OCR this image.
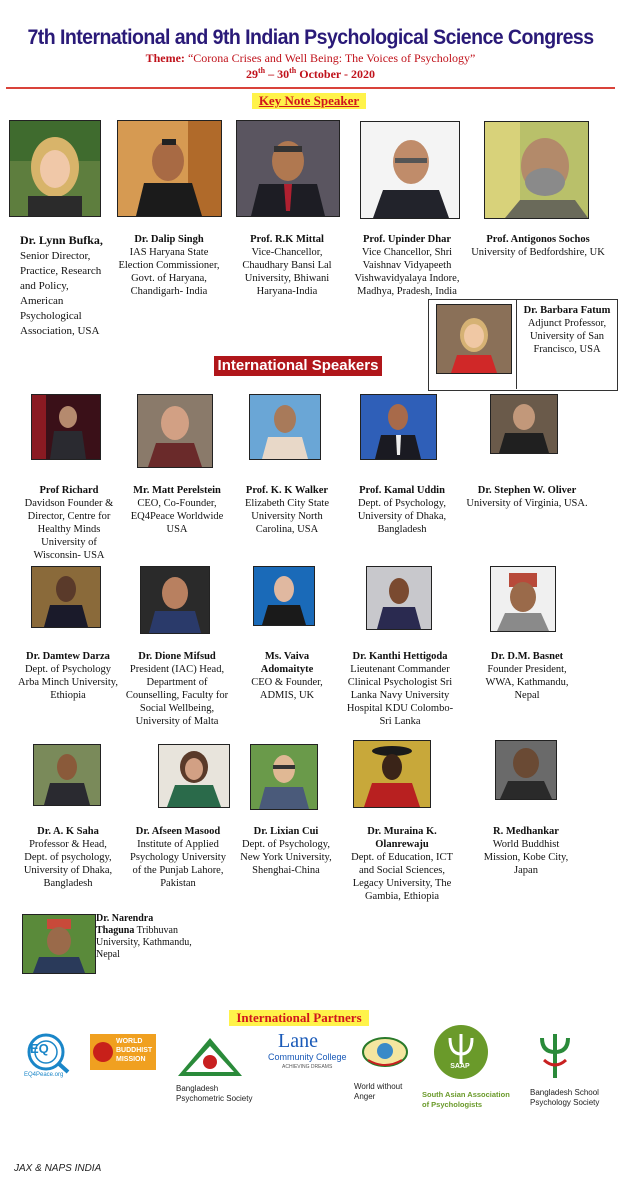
7th International and 9th Indian Psychological Science Congress
Theme: “Corona Crises and Well Being: The Voices of Psychology”
29th – 30th October - 2020
Key Note Speaker
Dr. Lynn Bufka, Senior Director, Practice, Research and Policy, American Psychological Association, USA
Dr. Dalip Singh
IAS Haryana State Election Commissioner, Govt. of Haryana, Chandigarh- India
Prof. R.K Mittal
Vice-Chancellor, Chaudhary Bansi Lal University, Bhiwani Haryana-India
Prof. Upinder Dhar
Vice Chancellor, Shri Vaishnav Vidyapeeth Vishwavidyalaya Indore, Madhya, Pradesh, India
Prof. Antigonos Sochos
University of Bedfordshire, UK
Dr. Barbara Fatum
Adjunct Professor, University of San Francisco, USA
International Speakers
Prof Richard
Davidson Founder & Director, Centre for Healthy Minds University of Wisconsin- USA
Mr. Matt Perelstein
CEO, Co-Founder, EQ4Peace Worldwide USA
Prof. K. K Walker
Elizabeth City State University North Carolina, USA
Prof. Kamal Uddin
Dept. of Psychology, University of Dhaka, Bangladesh
Dr. Stephen W. Oliver
University of Virginia, USA.
Dr. Damtew Darza
Dept. of Psychology Arba Minch University, Ethiopia
Dr. Dione Mifsud
President (IAC) Head, Department of Counselling, Faculty for Social Wellbeing, University of Malta
Ms. Vaiva Adomaityte
CEO & Founder, ADMIS, UK
Dr. Kanthi Hettigoda
Lieutenant Commander Clinical Psychologist Sri Lanka Navy University Hospital KDU Colombo-Sri Lanka
Dr. D.M. Basnet
Founder President, WWA, Kathmandu, Nepal
Dr. A. K Saha
Professor & Head, Dept. of psychology, University of Dhaka, Bangladesh
Dr. Afseen Masood
Institute of Applied Psychology University of the Punjab Lahore, Pakistan
Dr. Lixian Cui
Dept. of Psychology, New York University, Shenghai-China
Dr. Muraina K. Olanrewaju
Dept. of Education, ICT and Social Sciences, Legacy University, The Gambia, Ethiopia
R. Medhankar
World Buddhist Mission, Kobe City, Japan
Dr. Narendra Thaguna Tribhuvan University, Kathmandu, Nepal
International Partners
EQ
EQ4Peace.org
WORLD
BUDDHIST
MISSION
Bangladesh
Psychometric Society
Lane
Community College
ACHIEVING DREAMS
World without
Anger
SAAP
South Asian Association
of Psychologists
Bangladesh School
Psychology Society
JAX & NAPS INDIA
